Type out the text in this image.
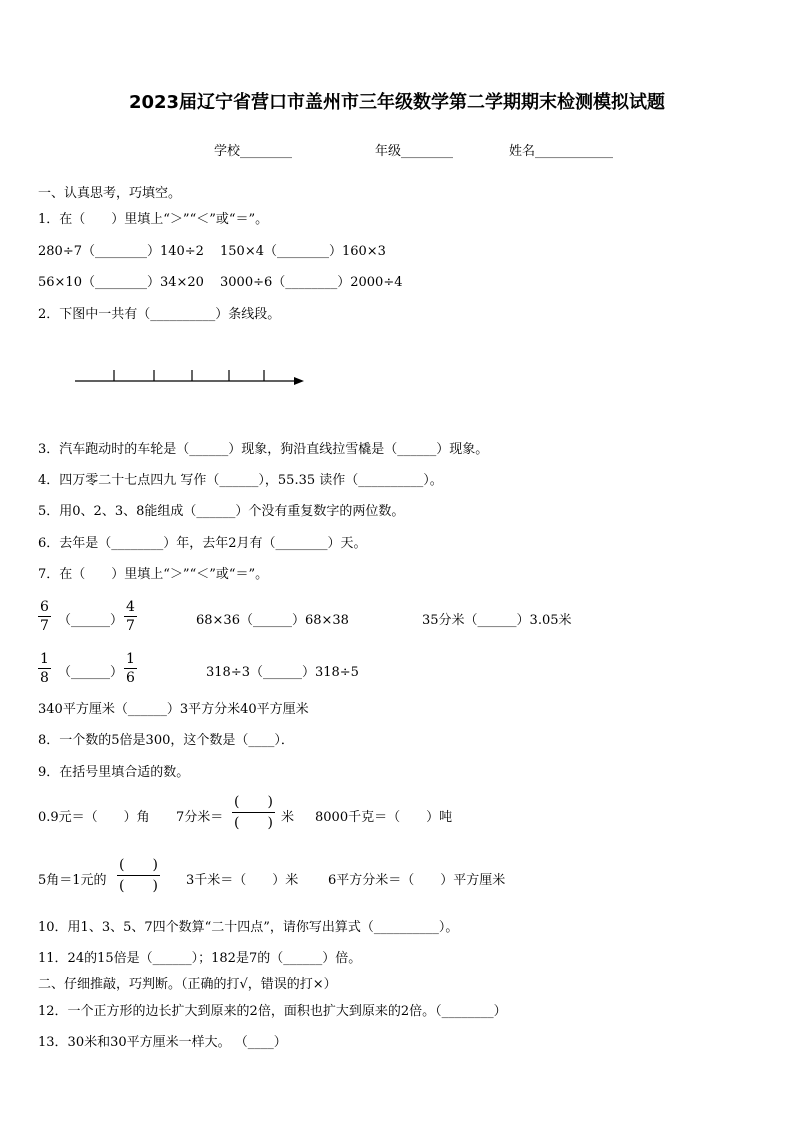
2023届辽宁省营口市盖州市三年级数学第二学期期末检测模拟试题
学校________	年级________	姓名____________
一、认真思考，巧填空。
1．在（　　）里填上“＞”“＜”或“＝”。
280÷7（________）140÷2 150×4（________）160×3
56×10（________）34×20 3000÷6（________）2000÷4
2．下图中一共有（__________）条线段。
3．汽车跑动时的车轮是（______）现象，狗沿直线拉雪橇是（______）现象。
4．四万零二十七点四九 写作（______），55.35 读作（__________）。
5．用0、2、3、8能组成（______）个没有重复数字的两位数。
6．去年是（________）年，去年2月有（________）天。
7．在（　　）里填上“＞”“＜”或“＝”。
$\frac{6}{7}$ （______） $\frac{4}{7}$	68×36（______）68×38	35分米（______）3.05米
$\frac{1}{8}$ （______） $\frac{1}{6}$	318÷3（______）318÷5
340平方厘米（______）3平方分米40平方厘米
8．一个数的5倍是300，这个数是（____）．
9．在括号里填合适的数。
0.9元＝（　　）角 7分米＝
(　　)
(　　) 米 8000千克＝（　　）吨
5角＝1元的
(　　)
(　　) 3千米＝（　　）米 6平方分米＝（　　）平方厘米
10．用1、3、5、7四个数算“二十四点”，请你写出算式（__________）。
11．24的15倍是（______）；182是7的（______）倍。
二、仔细推敲，巧判断。（正确的打√，错误的打×）
12．一个正方形的边长扩大到原来的2倍，面积也扩大到原来的2倍。（________）
13．30米和30平方厘米一样大。 （____）
